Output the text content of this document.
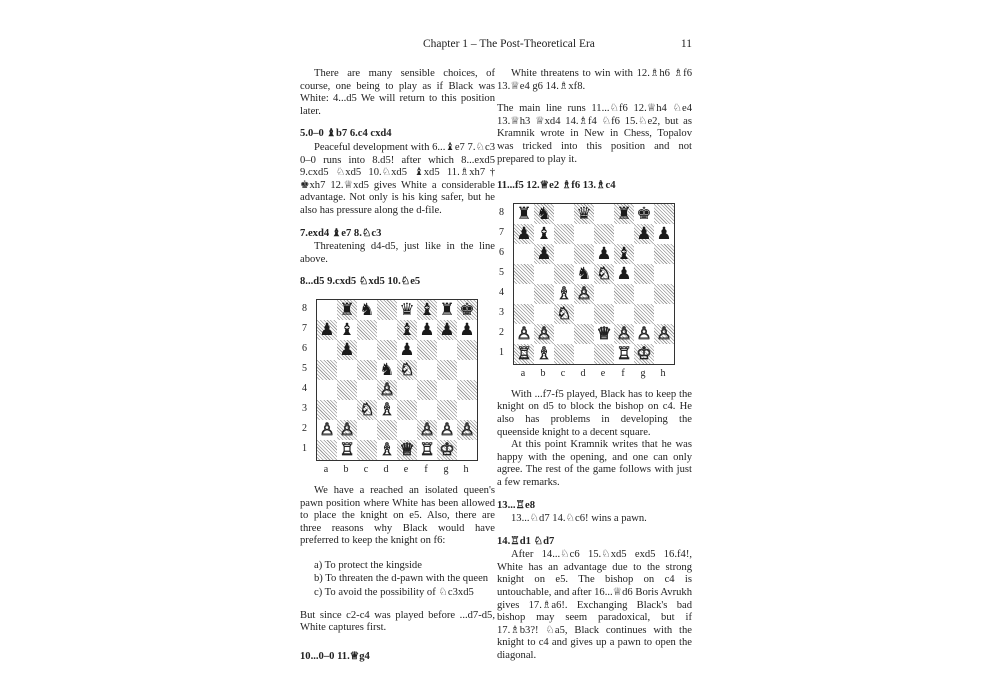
Chapter 1 – The Post-Theoretical Era	11

There are many sensible choices, of course, one being to play as if Black was White: 4...d5 We will return to this position later.

5.0–0 ♝b7 6.c4 cxd4

Peaceful development with 6...♝e7 7.♘c3 0–0 runs into 8.d5! after which 8...exd5 9.cxd5 ♘xd5 10.♘xd5 ♝xd5 11.♗xh7† ♚xh7 12.♕xd5 gives White a considerable advantage. Not only is his king safer, but he also has pressure along the d-file.

7.exd4 ♝e7 8.♘c3

Threatening d4-d5, just like in the line above.

8...d5 9.cxd5 ♘xd5 10.♘e5
8
7
6
5
4
3
2
1
♜ ♞ ♛ ♝ ♜ ♚
♟ ♝	♝ ♟ ♟ ♟
♟	♟
♞ ♘
♙
♘ ♗
♙ ♙	♙ ♙ ♙
♖ ♗ ♕ ♖ ♔
a	b	c	d	e	f	g	h

We have a reached an isolated queen's pawn position where White has been allowed to place the knight on e5. Also, there are three reasons why Black would have preferred to keep the knight on f6:

a) To protect the kingside
b) To threaten the d-pawn with the queen
c) To avoid the possibility of ♘c3xd5

But since c2-c4 was played before ...d7-d5, White captures first.

10...0–0 11.♕g4

White threatens to win with 12.♗h6 ♗f6 13.♕e4 g6 14.♗xf8.

The main line runs 11...♘f6 12.♕h4 ♘e4 13.♕h3 ♕xd4 14.♗f4 ♘f6 15.♘e2, but as Kramnik wrote in New in Chess, Topalov was tricked into this position and not prepared to play it.

11...f5 12.♕e2 ♗f6 13.♗c4
8
7
6
5
4
3
2
1
♜ ♞ ♛ ♜ ♚
♟ ♝	♟ ♟
♟	♟ ♝
♞ ♘ ♟
♗ ♙
♘
♙ ♙	♕ ♙ ♙ ♙
♖ ♗	♖ ♔
a	b	c	d	e	f	g	h

With ...f7-f5 played, Black has to keep the knight on d5 to block the bishop on c4. He also has problems in developing the queenside knight to a decent square.

At this point Kramnik writes that he was happy with the opening, and one can only agree. The rest of the game follows with just a few remarks.

13...♖e8

13...♘d7 14.♘c6! wins a pawn.

14.♖d1 ♘d7

After 14...♘c6 15.♘xd5 exd5 16.f4!, White has an advantage due to the strong knight on e5. The bishop on c4 is untouchable, and after 16...♕d6 Boris Avrukh gives 17.♗a6!. Exchanging Black's bad bishop may seem paradoxical, but if 17.♗b3?! ♘a5, Black continues with the knight to c4 and gives up a pawn to open the diagonal.
